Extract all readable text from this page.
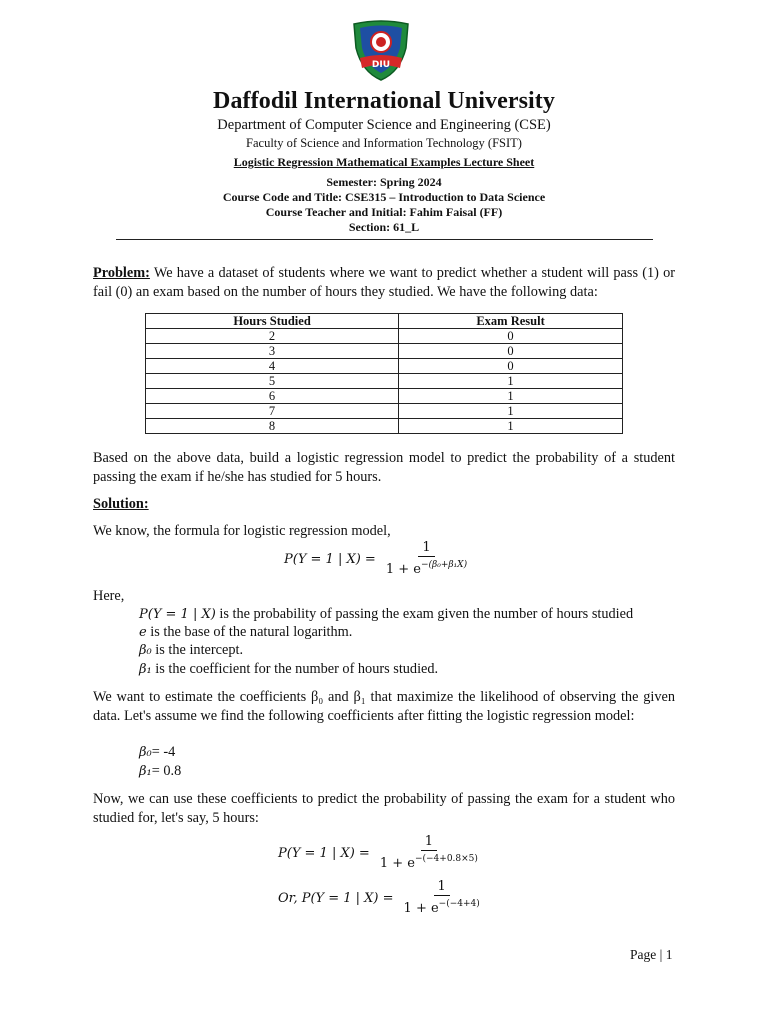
DIU
Daffodil International University
Department of Computer Science and Engineering (CSE)
Faculty of Science and Information Technology (FSIT)
Logistic Regression Mathematical Examples Lecture Sheet
Semester: Spring 2024
Course Code and Title: CSE315 – Introduction to Data Science
Course Teacher and Initial: Fahim Faisal (FF)
Section: 61_L
Problem: We have a dataset of students where we want to predict whether a student will pass (1) or fail (0) an exam based on the number of hours they studied. We have the following data:
Hours Studied	Exam Result
2	0
3	0
4	0
5	1
6	1
7	1
8	1
Based on the above data, build a logistic regression model to predict the probability of a student passing the exam if he/she has studied for 5 hours.
Solution:
We know, the formula for logistic regression model,
P(Y = 1 | $X) = \frac{1}{1 + e^{-(\beta_0+\beta_1X)}}$
Here,
P(Y = 1 | X) is the probability of passing the exam given the number of hours studied
e is the base of the natural logarithm.
β₀ is the intercept.
β₁ is the coefficient for the number of hours studied.
We want to estimate the coefficients β₀ and β₁ that maximize the likelihood of observing the given data. Let's assume we find the following coefficients after fitting the logistic regression model:
β₀= -4
β₁= 0.8
Now, we can use these coefficients to predict the probability of passing the exam for a student who studied for, let's say, 5 hours:
P(Y = 1 | $X) = \frac{1}{1 + e^{-(-4+0.8\times 5)}}$
Or, P(Y = 1 | $X) = \frac{1}{1 + e^{-(-4+4)}}$
Page | 1
